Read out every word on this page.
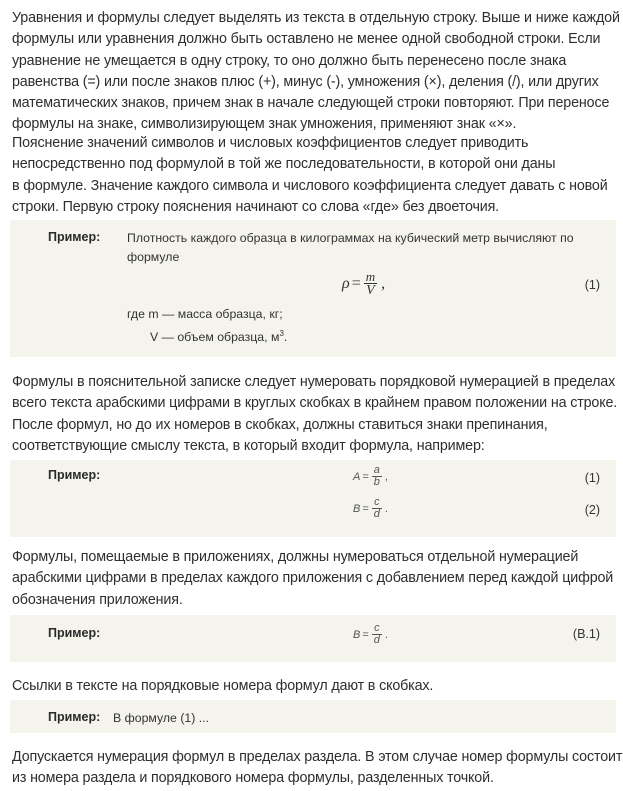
Уравнения и формулы следует выделять из текста в отдельную строку. Выше и ниже каждой
формулы или уравнения должно быть оставлено не менее одной свободной строки. Если
уравнение не умещается в одну строку, то оно должно быть перенесено после знака
равенства (=) или после знаков плюс (+), минус (-), умножения (×), деления (/), или других
математических знаков, причем знак в начале следующей строки повторяют. При переносе
формулы на знаке, символизирующем знак умножения, применяют знак «×».
Пояснение значений символов и числовых коэффициентов следует приводить
непосредственно под формулой в той же последовательности, в которой они даны
в формуле. Значение каждого символа и числового коэффициента следует давать с новой
строки. Первую строку пояснения начинают со слова «где» без двоеточия.
Пример: Плотность каждого образца в килограммах на кубический метр вычисляют по
формуле
$\rho = \frac{m}{V}$ ,	(1)
где m — масса образца, кг;
V — объем образца, $м^3$.
Формулы в пояснительной записке следует нумеровать порядковой нумерацией в пределах
всего текста арабскими цифрами в круглых скобках в крайнем правом положении на строке.
После формул, но до их номеров в скобках, должны ставиться знаки препинания,
соответствующие смыслу текста, в который входит формула, например:
Пример:	$A = \frac{a}{b}$ ,	(1)
$B = \frac{c}{d}$ .	(2)
Формулы, помещаемые в приложениях, должны нумероваться отдельной нумерацией
арабскими цифрами в пределах каждого приложения с добавлением перед каждой цифрой
обозначения приложения.
Пример:	$B = \frac{c}{d}$ .	(B.1)
Ссылки в тексте на порядковые номера формул дают в скобках.
Пример: В формуле (1) ...
Допускается нумерация формул в пределах раздела. В этом случае номер формулы состоит
из номера раздела и порядкового номера формулы, разделенных точкой.
